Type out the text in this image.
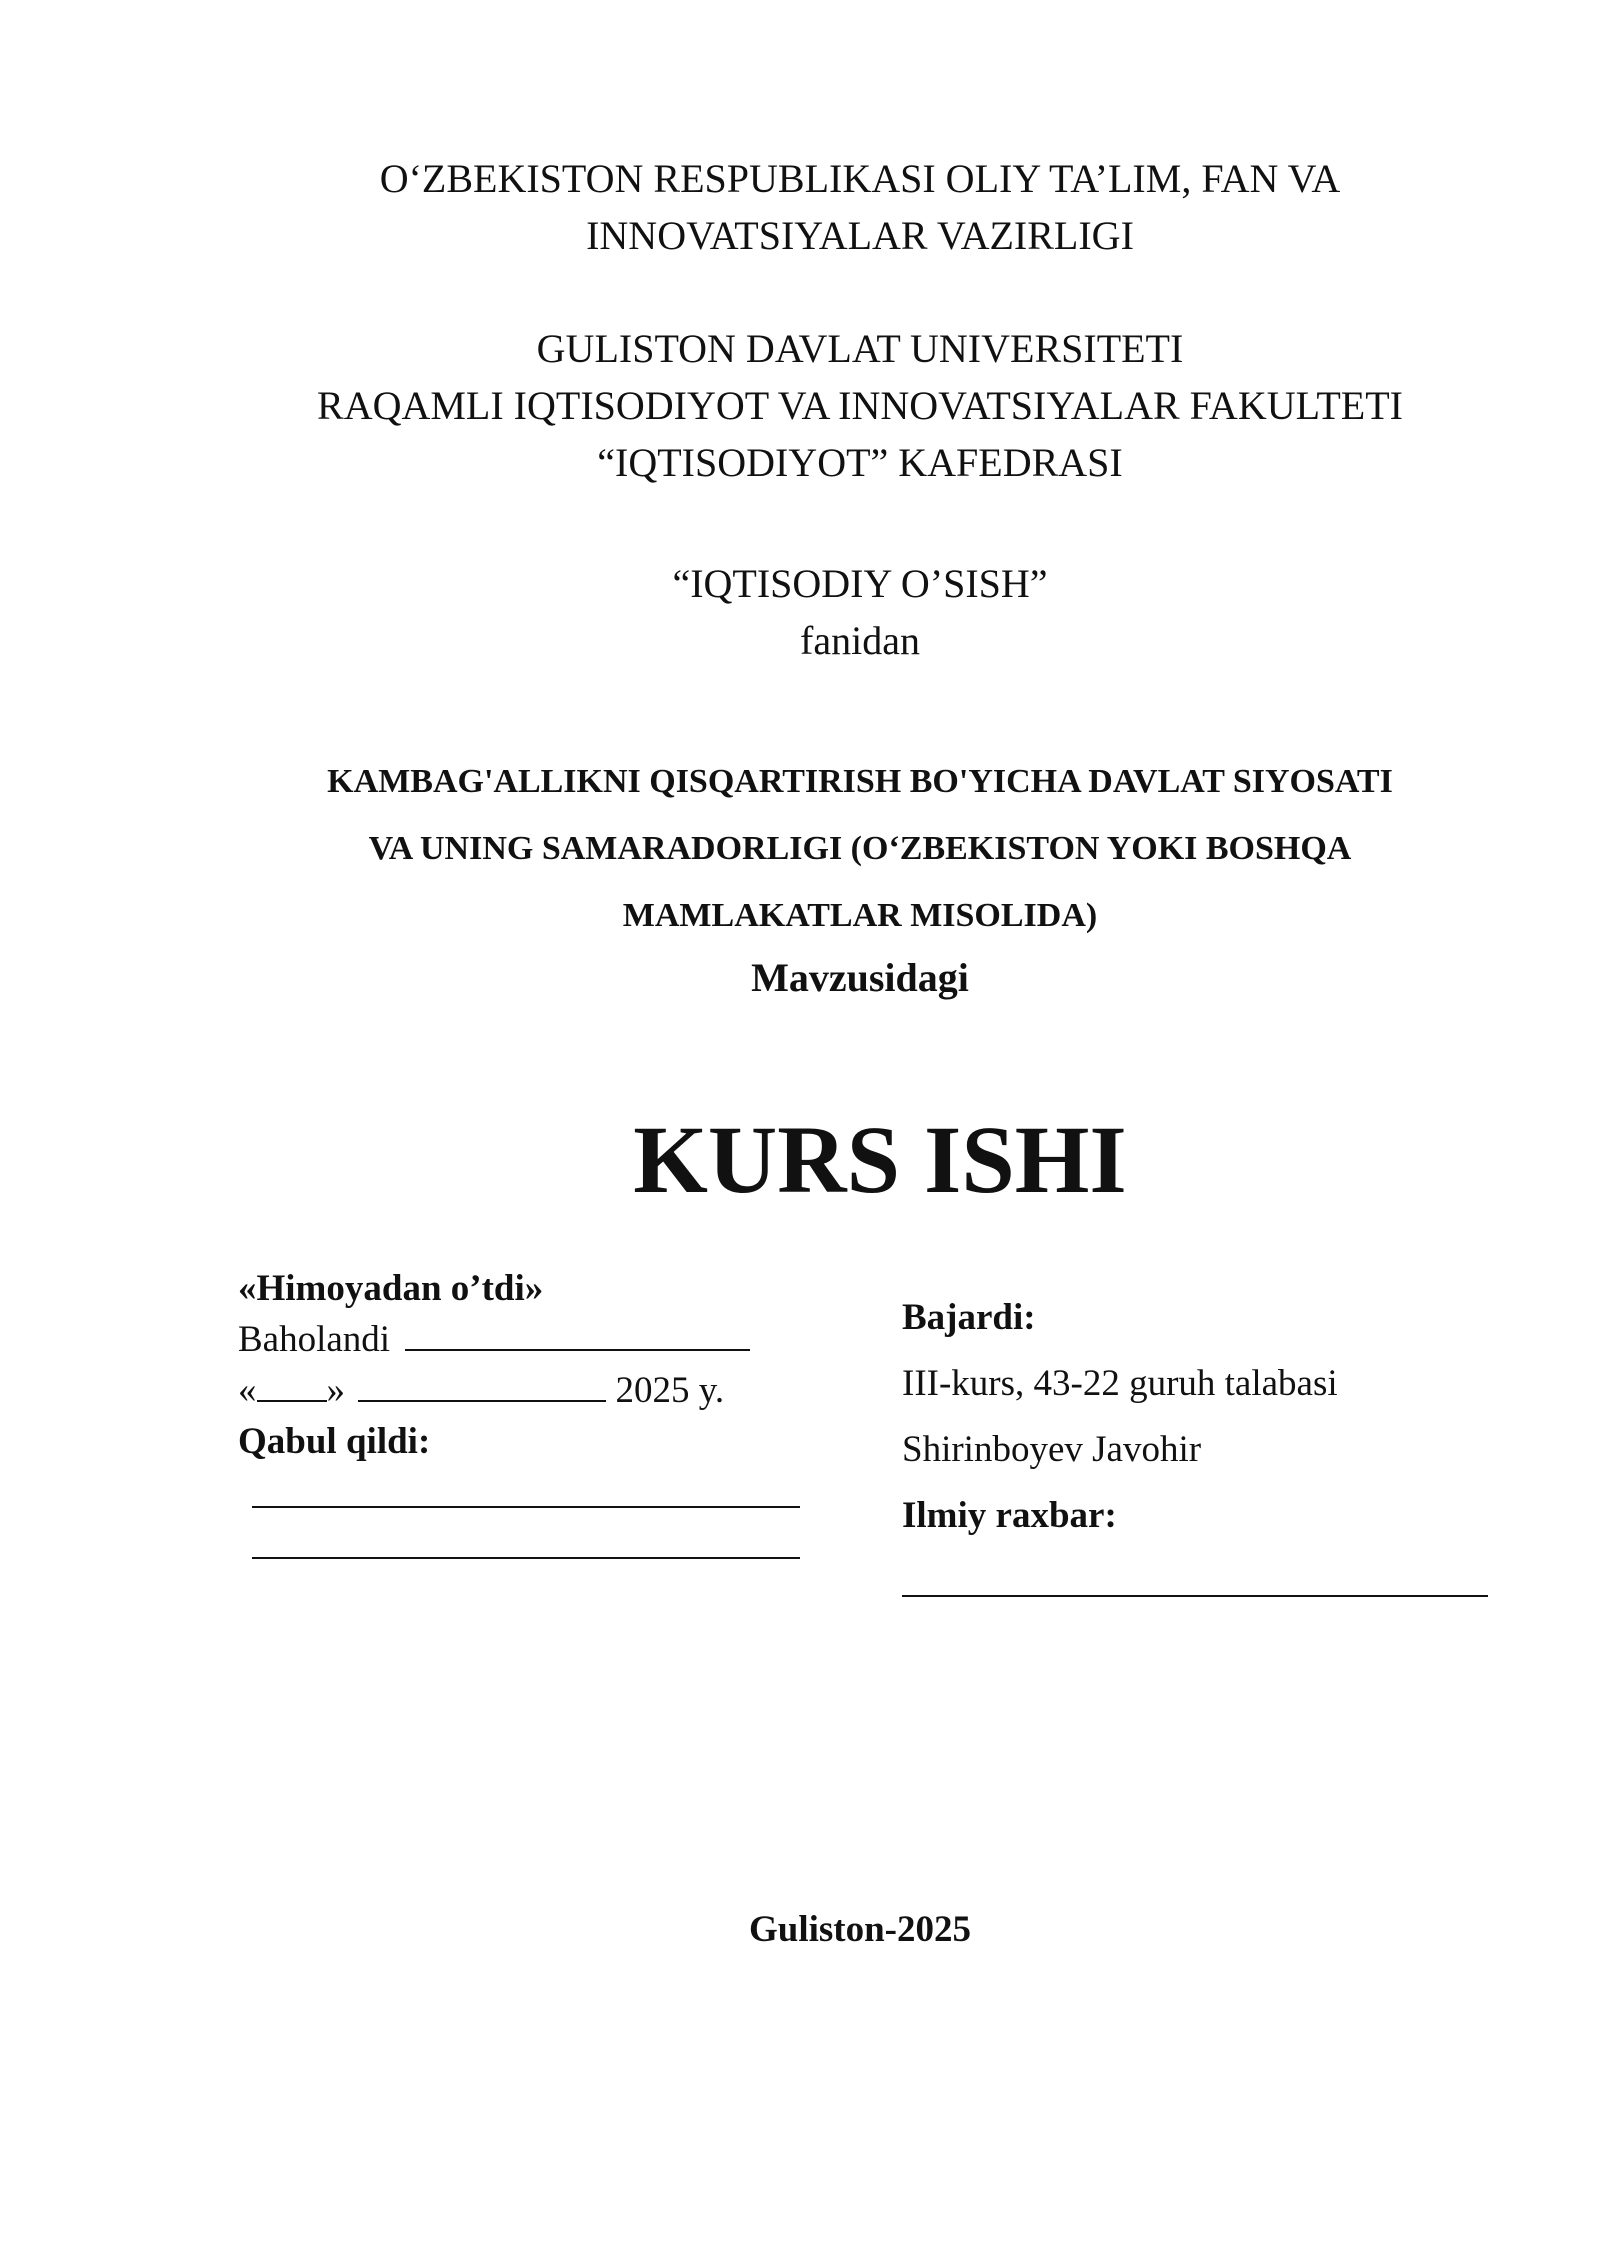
O‘ZBEKISTON RESPUBLIKASI OLIY TA’LIM, FAN VA
INNOVATSIYALAR VAZIRLIGI
GULISTON DAVLAT UNIVERSITETI
RAQAMLI IQTISODIYOT VA INNOVATSIYALAR FAKULTETI
“IQTISODIYOT” KAFEDRASI
“IQTISODIY O’SISH”
fanidan
KAMBAG'ALLIKNI QISQARTIRISH BO'YICHA DAVLAT SIYOSATI
VA UNING SAMARADORLIGI (O‘ZBEKISTON YOKI BOSHQA
MAMLAKATLAR MISOLIDA)
Mavzusidagi
KURS ISHI
«Himoyadan o’tdi»
Baholandi
« »	2025 y.
Qabul qildi:
Bajardi:
III-kurs, 43-22 guruh talabasi
Shirinboyev Javohir
Ilmiy raxbar:
Guliston-2025
